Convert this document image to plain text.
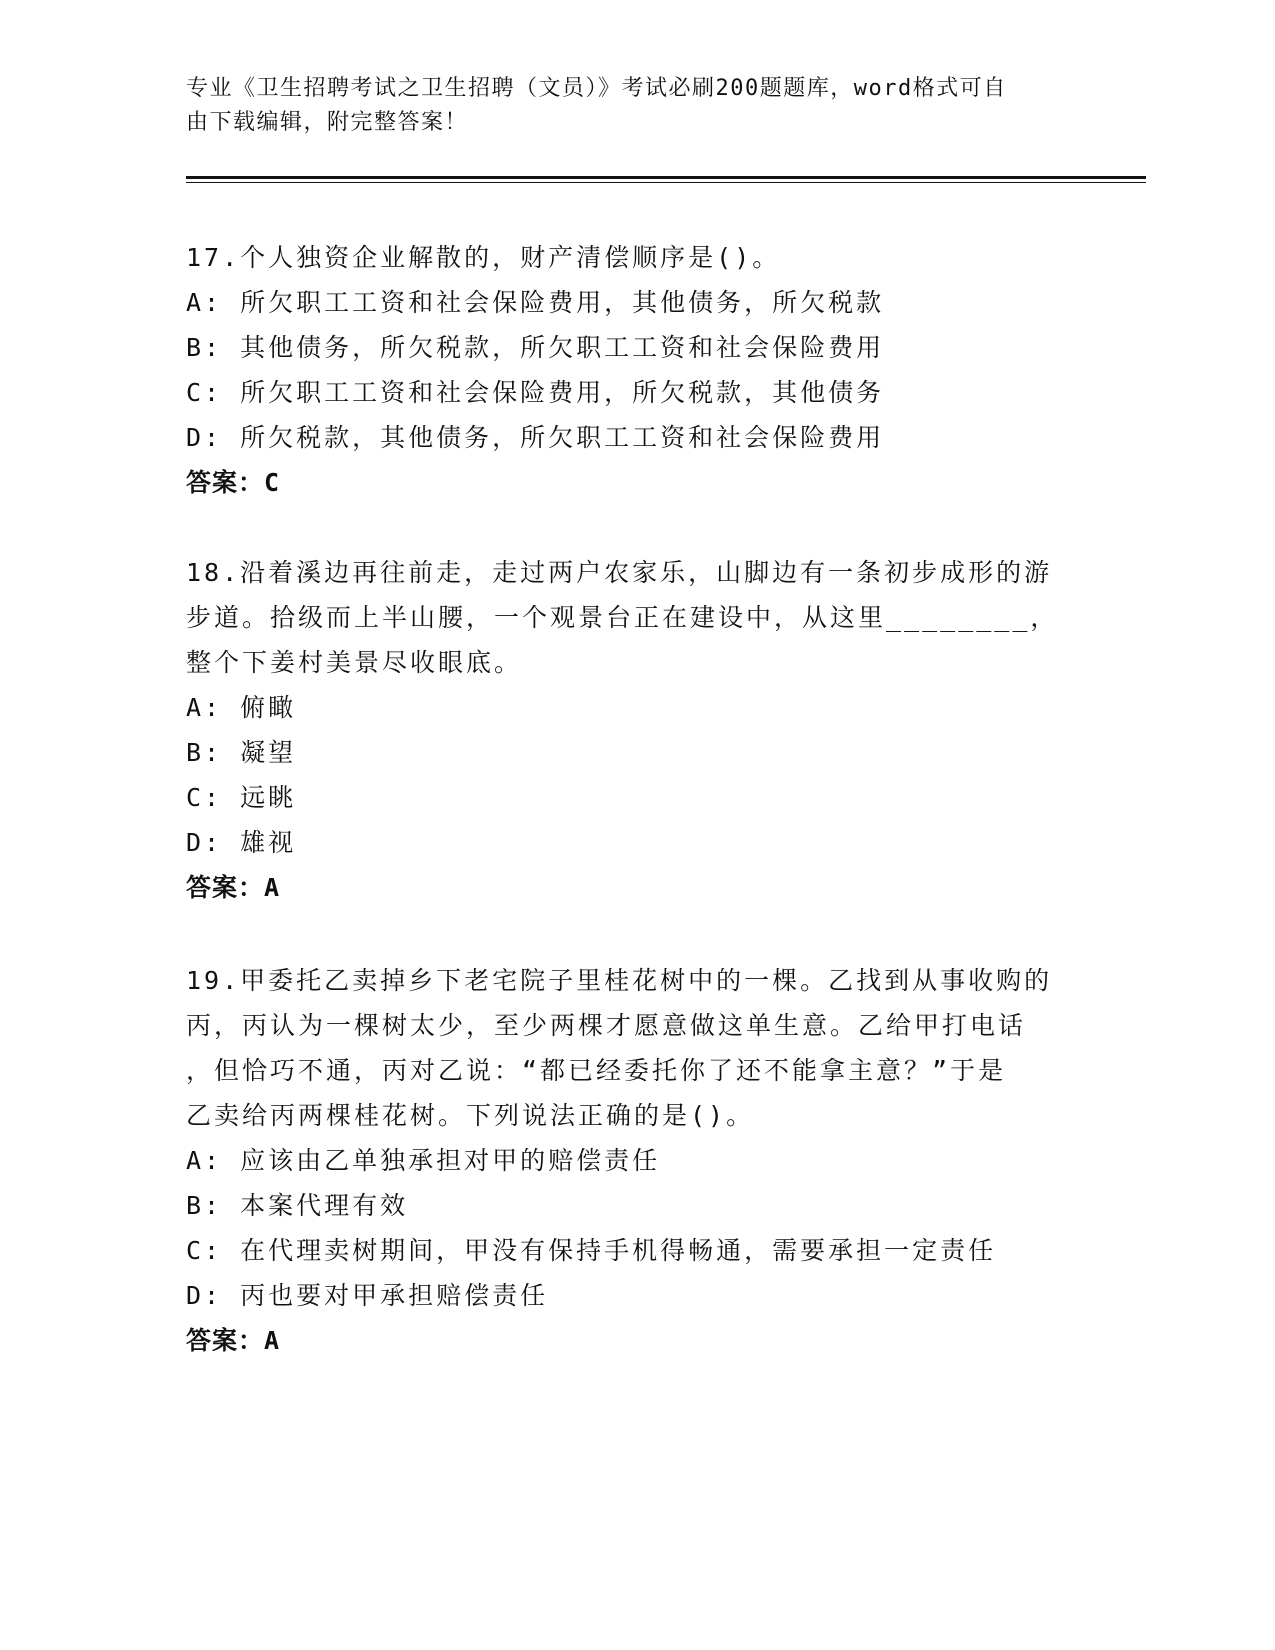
专业《卫生招聘考试之卫生招聘（文员）》考试必刷200题题库，word格式可自
由下载编辑，附完整答案！
17.个人独资企业解散的，财产清偿顺序是()。
A: 所欠职工工资和社会保险费用，其他债务，所欠税款
B: 其他债务，所欠税款，所欠职工工资和社会保险费用
C: 所欠职工工资和社会保险费用，所欠税款，其他债务
D: 所欠税款，其他债务，所欠职工工资和社会保险费用
答案：C
18.沿着溪边再往前走，走过两户农家乐，山脚边有一条初步成形的游
步道。拾级而上半山腰，一个观景台正在建设中，从这里________，
整个下姜村美景尽收眼底。
A: 俯瞰
B: 凝望
C: 远眺
D: 雄视
答案：A
19.甲委托乙卖掉乡下老宅院子里桂花树中的一棵。乙找到从事收购的
丙，丙认为一棵树太少，至少两棵才愿意做这单生意。乙给甲打电话
，但恰巧不通，丙对乙说：“都已经委托你了还不能拿主意？”于是
乙卖给丙两棵桂花树。下列说法正确的是()。
A: 应该由乙单独承担对甲的赔偿责任
B: 本案代理有效
C: 在代理卖树期间，甲没有保持手机得畅通，需要承担一定责任
D: 丙也要对甲承担赔偿责任
答案：A
